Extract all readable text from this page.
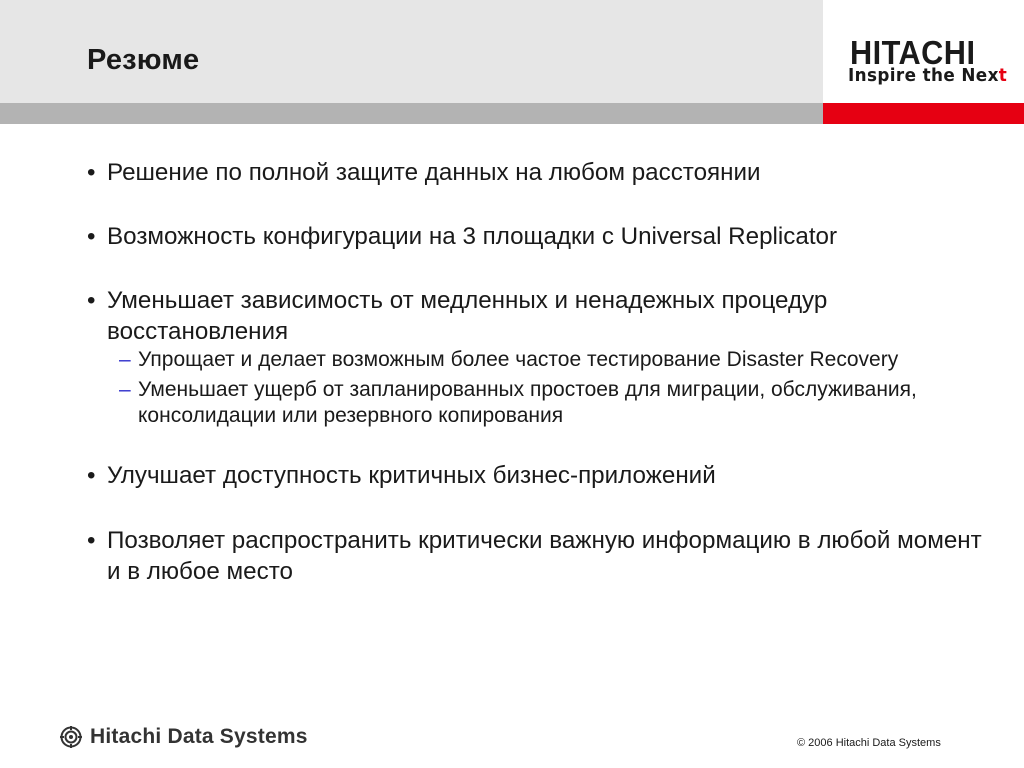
Резюме	HITACHI
Inspire the Next
• Решение по полной защите данных на любом расстоянии
• Возможность конфигурации на 3 площадки с Universal Replicator
• Уменьшает зависимость от медленных и ненадежных процедур восстановления
– Упрощает и делает возможным более частое тестирование Disaster Recovery
– Уменьшает ущерб от запланированных простоев для миграции, обслуживания, консолидации или резервного копирования
• Улучшает доступность критичных бизнес-приложений
• Позволяет распространить критически важную информацию в любой момент и в любое место
Hitachi Data Systems	© 2006 Hitachi Data Systems
